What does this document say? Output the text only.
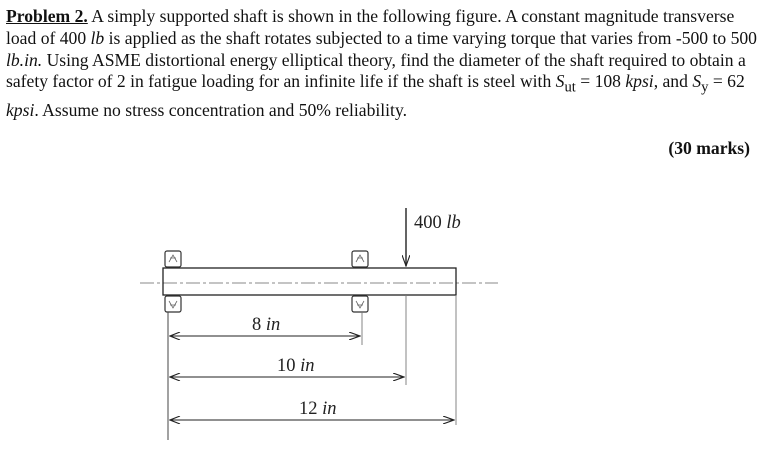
Problem 2. A simply supported shaft is shown in the following figure. A constant magnitude transverse load of 400 lb is applied as the shaft rotates subjected to a time varying torque that varies from -500 to 500 lb.in. Using ASME distortional energy elliptical theory, find the diameter of the shaft required to obtain a safety factor of 2 in fatigue loading for an infinite life if the shaft is steel with $S_{ut} = 108$ kpsi, and $S_y = 62$ kpsi. Assume no stress concentration and 50% reliability.

(30 marks)
400 lb
8 in
10 in
12 in
